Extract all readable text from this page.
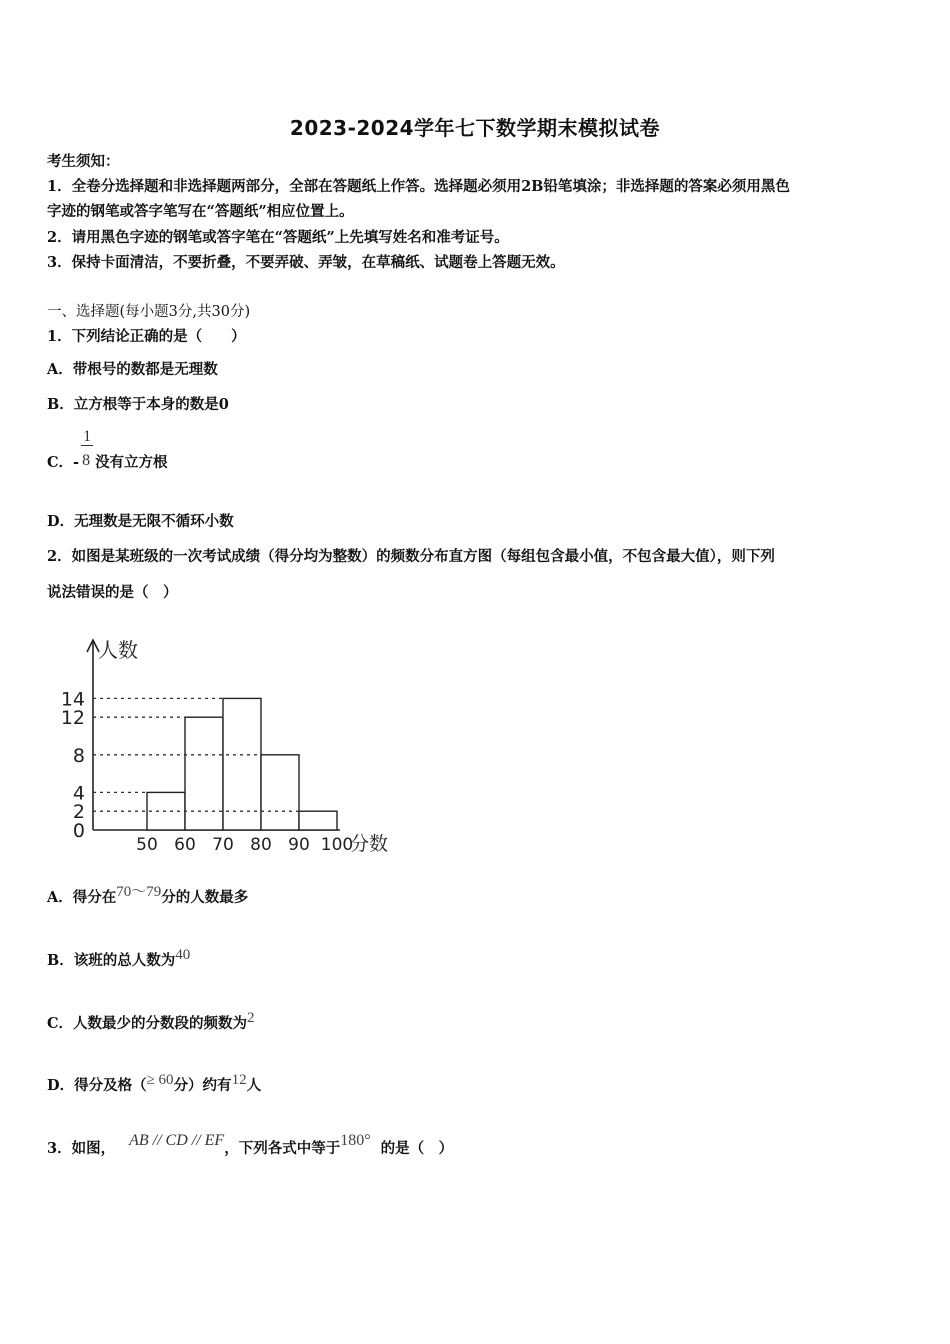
2023-2024学年七下数学期末模拟试卷
考生须知：
1．全卷分选择题和非选择题两部分，全部在答题纸上作答。选择题必须用2B铅笔填涂；非选择题的答案必须用黑色
字迹的钢笔或答字笔写在“答题纸”相应位置上。
2．请用黑色字迹的钢笔或答字笔在“答题纸”上先填写姓名和准考证号。
3．保持卡面清洁，不要折叠，不要弄破、弄皱，在草稿纸、试题卷上答题无效。
一、选择题(每小题3分,共30分)
1．下列结论正确的是（　　）
A．带根号的数都是无理数
B．立方根等于本身的数是0
C．- $\frac{1}{8}$ 没有立方根
D．无理数是无限不循环小数
2．如图是某班级的一次考试成绩（得分均为整数）的频数分布直方图（每组包含最小值，不包含最大值），则下列
说法错误的是（　）
0
2
4
8
12
14
50 60 70 80 90 100
人数
分数
A．得分在70～79分的人数最多
B．该班的总人数为40
C．人数最少的分数段的频数为2
D．得分及格（≥ 60分）约有12人
3．如图， AB // CD // EF，下列各式中等于180° 的是（　）
